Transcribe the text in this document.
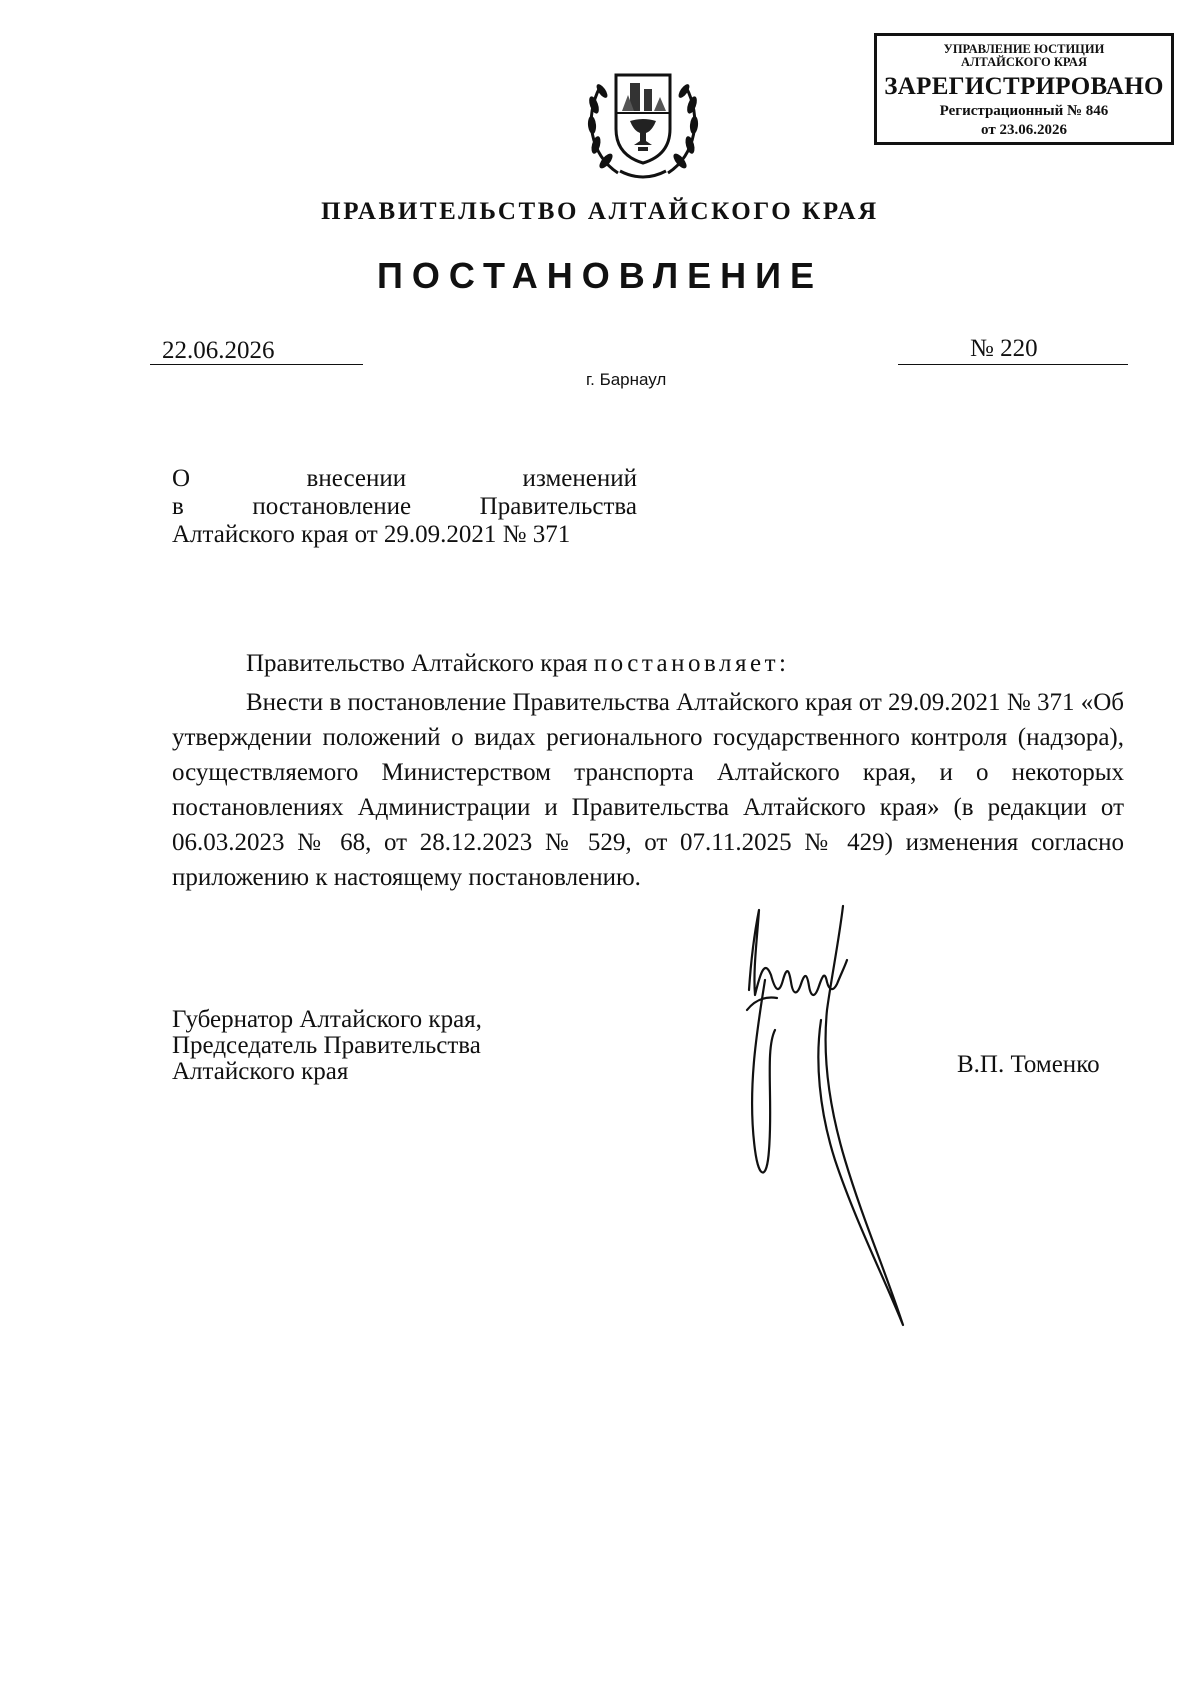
УПРАВЛЕНИЕ ЮСТИЦИИ
АЛТАЙСКОГО КРАЯ
ЗАРЕГИСТРИРОВАНО
Регистрационный № 846
от 23.06.2026
ПРАВИТЕЛЬСТВО АЛТАЙСКОГО КРАЯ
ПОСТАНОВЛЕНИЕ
22.06.2026	№ 220
г. Барнаул
О внесении изменений
в постановление Правительства
Алтайского края от 29.09.2021 № 371
Правительство Алтайского края постановляет:
Внести в постановление Правительства Алтайского края от 29.09.2021 № 371 «Об утверждении положений о видах регионального государственного контроля (надзора), осуществляемого Министерством транспорта Алтайского края, и о некоторых постановлениях Администрации и Правительства Алтайского края» (в редакции от 06.03.2023 № 68, от 28.12.2023 № 529, от 07.11.2025 № 429) изменения согласно приложению к настоящему постановлению.
Губернатор Алтайского края,
Председатель Правительства
Алтайского края	В.П. Томенко
